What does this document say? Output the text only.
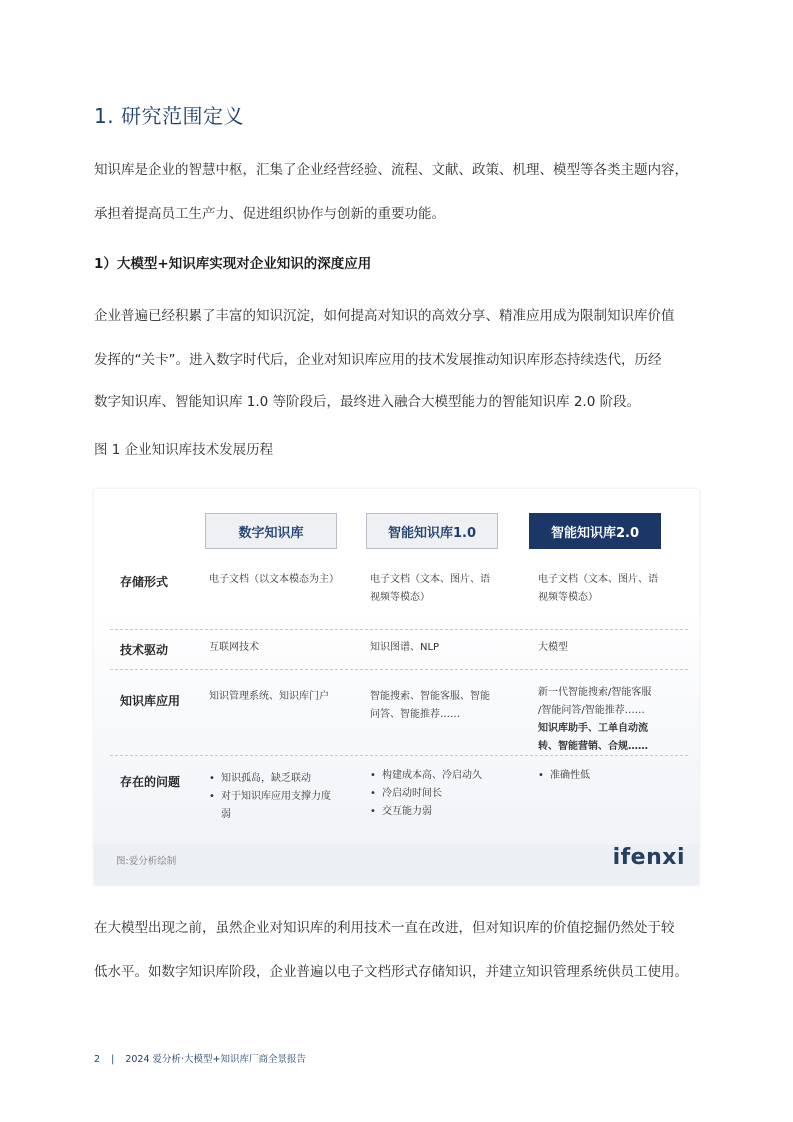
1. 研究范围定义

知识库是企业的智慧中枢，汇集了企业经营经验、流程、文献、政策、机理、模型等各类主题内容，

承担着提高员工生产力、促进组织协作与创新的重要功能。

1）大模型+知识库实现对企业知识的深度应用

企业普遍已经积累了丰富的知识沉淀，如何提高对知识的高效分享、精准应用成为限制知识库价值

发挥的“关卡”。进入数字时代后，企业对知识库应用的技术发展推动知识库形态持续迭代，历经

数字知识库、智能知识库 1.0 等阶段后，最终进入融合大模型能力的智能知识库 2.0 阶段。

图 1 企业知识库技术发展历程
数字知识库	智能知识库1.0	智能知识库2.0
存储形式	电子文档（以文本模态为主）	电子文档（文本、图片、语
视频等模态）
电子文档（文本、图片、语
视频等模态）
技术驱动	互联网技术	知识图谱、NLP	大模型
知识库应用	知识管理系统、知识库门户	智能搜索、智能客服、智能
问答、智能推荐……
新一代智能搜索/智能客服
/智能问答/智能推荐……
知识库助手、工单自动流
转、智能营销、合规……
存在的问题
•	知识孤岛，缺乏联动
• 对于知识库应用支撑力度
弱
• 构建成本高、冷启动久
• 冷启动时间长
• 交互能力弱
• 准确性低
图:爱分析绘制	ifenxi

在大模型出现之前，虽然企业对知识库的利用技术一直在改进，但对知识库的价值挖掘仍然处于较

低水平。如数字知识库阶段，企业普遍以电子文档形式存储知识，并建立知识管理系统供员工使用。

2 | 2024 爱分析·大模型+知识库厂商全景报告
